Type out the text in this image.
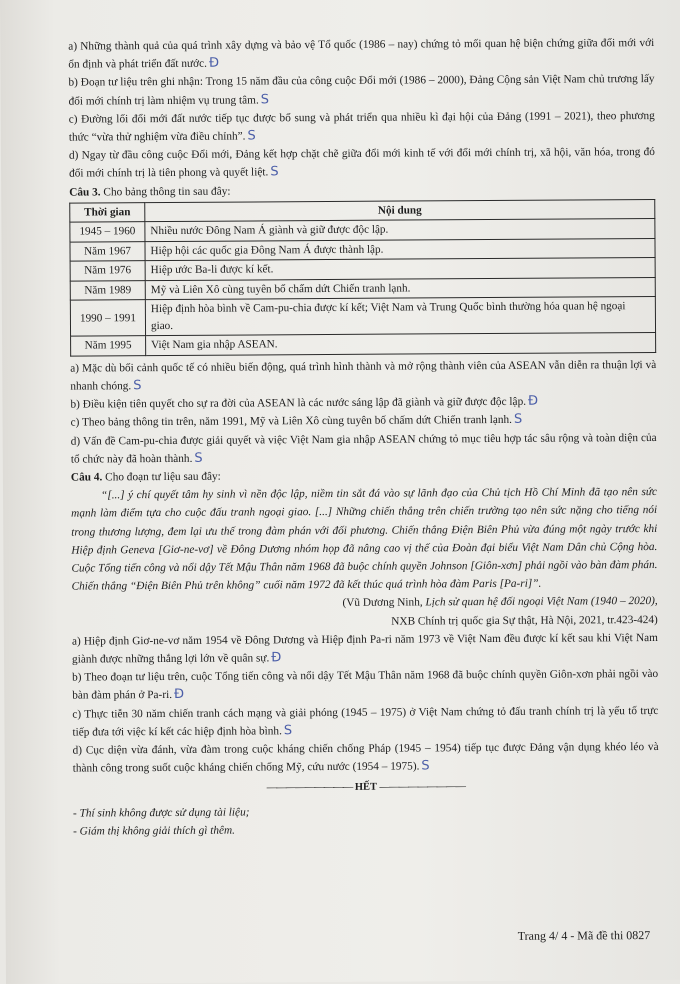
a) Những thành quả của quá trình xây dựng và bảo vệ Tổ quốc (1986 – nay) chứng tỏ mối quan hệ biện chứng giữa đổi mới với ổn định và phát triển đất nước. Đ

b) Đoạn tư liệu trên ghi nhận: Trong 15 năm đầu của công cuộc Đổi mới (1986 – 2000), Đảng Cộng sản Việt Nam chủ trương lấy đổi mới chính trị làm nhiệm vụ trung tâm. S

c) Đường lối đổi mới đất nước tiếp tục được bổ sung và phát triển qua nhiều kì đại hội của Đảng (1991 – 2021), theo phương thức “vừa thử nghiệm vừa điều chỉnh”. S

d) Ngay từ đầu công cuộc Đổi mới, Đảng kết hợp chặt chẽ giữa đổi mới kinh tế với đổi mới chính trị, xã hội, văn hóa, trong đó đổi mới chính trị là tiên phong và quyết liệt. S

Câu 3. Cho bảng thông tin sau đây:

Thời gian	Nội dung
1945 – 1960	Nhiều nước Đông Nam Á giành và giữ được độc lập.
Năm 1967	Hiệp hội các quốc gia Đông Nam Á được thành lập.
Năm 1976	Hiệp ước Ba-li được kí kết.
Năm 1989	Mỹ và Liên Xô cùng tuyên bố chấm dứt Chiến tranh lạnh.
1990 – 1991	Hiệp định hòa bình về Cam-pu-chia được kí kết; Việt Nam và Trung Quốc bình thường hóa quan hệ ngoại giao.
Năm 1995	Việt Nam gia nhập ASEAN.

a) Mặc dù bối cảnh quốc tế có nhiều biến động, quá trình hình thành và mở rộng thành viên của ASEAN vẫn diễn ra thuận lợi và nhanh chóng. S

b) Điều kiện tiên quyết cho sự ra đời của ASEAN là các nước sáng lập đã giành và giữ được độc lập. Đ

c) Theo bảng thông tin trên, năm 1991, Mỹ và Liên Xô cùng tuyên bố chấm dứt Chiến tranh lạnh. S

d) Vấn đề Cam-pu-chia được giải quyết và việc Việt Nam gia nhập ASEAN chứng tỏ mục tiêu hợp tác sâu rộng và toàn diện của tổ chức này đã hoàn thành. S

Câu 4. Cho đoạn tư liệu sau đây:

“[...] ý chí quyết tâm hy sinh vì nền độc lập, niềm tin sắt đá vào sự lãnh đạo của Chủ tịch Hồ Chí Minh đã tạo nên sức mạnh làm điểm tựa cho cuộc đấu tranh ngoại giao. [...] Những chiến thắng trên chiến trường tạo nên sức nặng cho tiếng nói trong thương lượng, đem lại ưu thế trong đàm phán với đối phương. Chiến thắng Điện Biên Phủ vừa đúng một ngày trước khi Hiệp định Geneva [Giơ-ne-vơ] về Đông Dương nhóm họp đã nâng cao vị thế của Đoàn đại biểu Việt Nam Dân chủ Cộng hòa. Cuộc Tổng tiến công và nổi dậy Tết Mậu Thân năm 1968 đã buộc chính quyền Johnson [Giôn-xơn] phải ngồi vào bàn đàm phán. Chiến thắng “Điện Biên Phủ trên không” cuối năm 1972 đã kết thúc quá trình hòa đàm Paris [Pa-ri]”.

(Vũ Dương Ninh, Lịch sử quan hệ đối ngoại Việt Nam (1940 – 2020),

NXB Chính trị quốc gia Sự thật, Hà Nội, 2021, tr.423-424)

a) Hiệp định Giơ-ne-vơ năm 1954 về Đông Dương và Hiệp định Pa-ri năm 1973 về Việt Nam đều được kí kết sau khi Việt Nam giành được những thắng lợi lớn về quân sự. Đ

b) Theo đoạn tư liệu trên, cuộc Tổng tiến công và nổi dậy Tết Mậu Thân năm 1968 đã buộc chính quyền Giôn-xơn phải ngồi vào bàn đàm phán ở Pa-ri. Đ

c) Thực tiễn 30 năm chiến tranh cách mạng và giải phóng (1945 – 1975) ở Việt Nam chứng tỏ đấu tranh chính trị là yếu tố trực tiếp đưa tới việc kí kết các hiệp định hòa bình. S

d) Cục diện vừa đánh, vừa đàm trong cuộc kháng chiến chống Pháp (1945 – 1954) tiếp tục được Đảng vận dụng khéo léo và thành công trong suốt cuộc kháng chiến chống Mỹ, cứu nước (1954 – 1975). S

————————— HẾT —————————

- Thí sinh không được sử dụng tài liệu;

- Giám thị không giải thích gì thêm.

Trang 4/ 4 - Mã đề thi 0827
